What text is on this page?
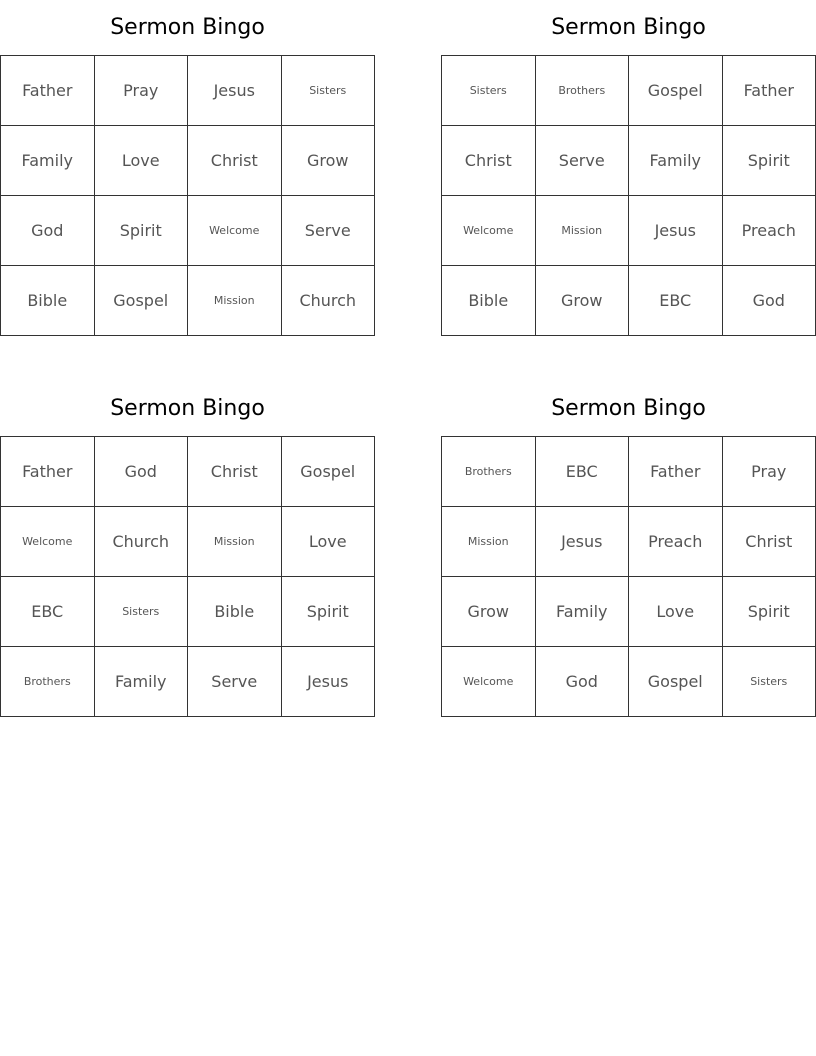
Sermon Bingo
Father	Pray	Jesus	Sisters
Family	Love	Christ	Grow
God	Spirit	Welcome	Serve
Bible	Gospel	Mission	Church
Sermon Bingo
Sisters	Brothers	Gospel	Father
Christ	Serve	Family	Spirit
Welcome	Mission	Jesus	Preach
Bible	Grow	EBC	God
Sermon Bingo
Father	God	Christ	Gospel
Welcome	Church	Mission	Love
EBC	Sisters	Bible	Spirit
Brothers	Family	Serve	Jesus
Sermon Bingo
Brothers	EBC	Father	Pray
Mission	Jesus	Preach	Christ
Grow	Family	Love	Spirit
Welcome	God	Gospel	Sisters
